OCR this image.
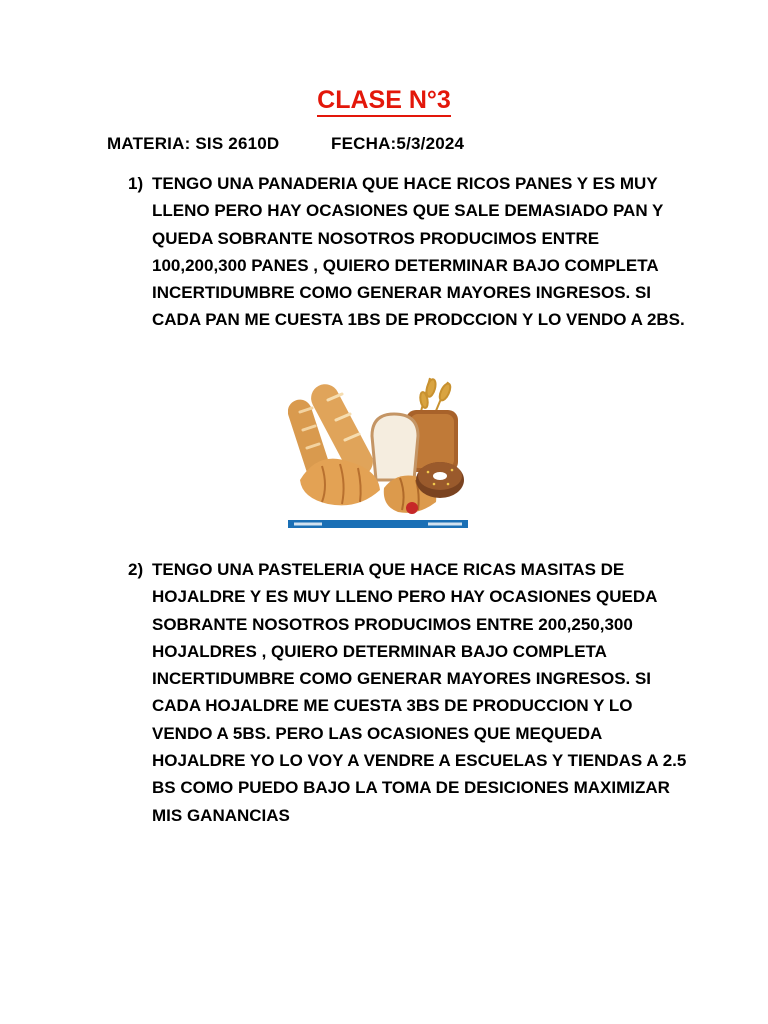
CLASE N°3
MATERIA: SIS 2610D	FECHA:5/3/2024
1) TENGO UNA PANADERIA QUE HACE RICOS PANES Y ES MUY LLENO PERO HAY OCASIONES QUE SALE DEMASIADO PAN Y QUEDA SOBRANTE NOSOTROS PRODUCIMOS ENTRE 100,200,300 PANES , QUIERO DETERMINAR BAJO COMPLETA INCERTIDUMBRE COMO GENERAR MAYORES INGRESOS. SI CADA PAN ME CUESTA 1BS DE PRODCCION Y LO VENDO A 2BS.
2) TENGO UNA PASTELERIA QUE HACE RICAS MASITAS DE HOJALDRE Y ES MUY LLENO PERO HAY OCASIONES QUEDA SOBRANTE NOSOTROS PRODUCIMOS ENTRE 200,250,300 HOJALDRES , QUIERO DETERMINAR BAJO COMPLETA INCERTIDUMBRE COMO GENERAR MAYORES INGRESOS. SI CADA HOJALDRE ME CUESTA 3BS DE PRODUCCION Y LO VENDO A 5BS. PERO LAS OCASIONES QUE MEQUEDA HOJALDRE YO LO VOY A VENDRE A ESCUELAS Y TIENDAS A 2.5 BS COMO PUEDO BAJO LA TOMA DE DESICIONES MAXIMIZAR MIS GANANCIAS
